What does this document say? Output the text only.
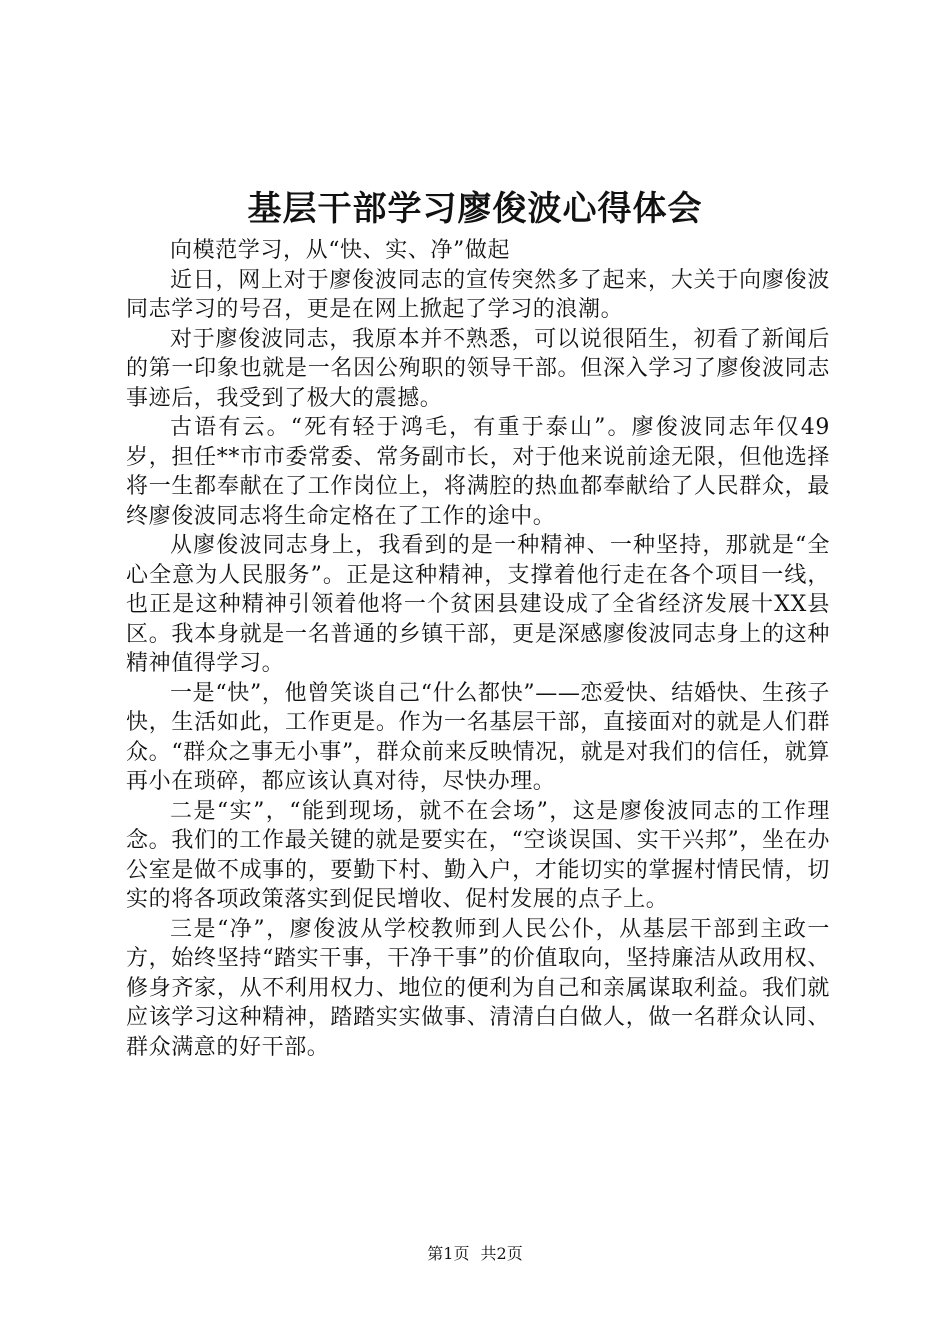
基层干部学习廖俊波心得体会

向模范学习，从“快、实、净”做起

近日，网上对于廖俊波同志的宣传突然多了起来，大关于向廖俊波同志学习的号召，更是在网上掀起了学习的浪潮。

对于廖俊波同志，我原本并不熟悉，可以说很陌生，初看了新闻后的第一印象也就是一名因公殉职的领导干部。但深入学习了廖俊波同志事迹后，我受到了极大的震撼。

古语有云。“死有轻于鸿毛，有重于泰山”。廖俊波同志年仅49岁，担任**市市委常委、常务副市长，对于他来说前途无限，但他选择将一生都奉献在了工作岗位上，将满腔的热血都奉献给了人民群众，最终廖俊波同志将生命定格在了工作的途中。

从廖俊波同志身上，我看到的是一种精神、一种坚持，那就是“全心全意为人民服务”。正是这种精神，支撑着他行走在各个项目一线，也正是这种精神引领着他将一个贫困县建设成了全省经济发展十XX县区。我本身就是一名普通的乡镇干部，更是深感廖俊波同志身上的这种精神值得学习。

一是“快”，他曾笑谈自己“什么都快”——恋爱快、结婚快、生孩子快，生活如此，工作更是。作为一名基层干部，直接面对的就是人们群众。“群众之事无小事”，群众前来反映情况，就是对我们的信任，就算再小在琐碎，都应该认真对待，尽快办理。

二是“实”，“能到现场，就不在会场”，这是廖俊波同志的工作理念。我们的工作最关键的就是要实在，“空谈误国、实干兴邦”，坐在办公室是做不成事的，要勤下村、勤入户，才能切实的掌握村情民情，切实的将各项政策落实到促民增收、促村发展的点子上。

三是“净”，廖俊波从学校教师到人民公仆，从基层干部到主政一方，始终坚持“踏实干事，干净干事”的价值取向，坚持廉洁从政用权、修身齐家，从不利用权力、地位的便利为自己和亲属谋取利益。我们就应该学习这种精神，踏踏实实做事、清清白白做人，做一名群众认同、群众满意的好干部。

第1页 共2页
